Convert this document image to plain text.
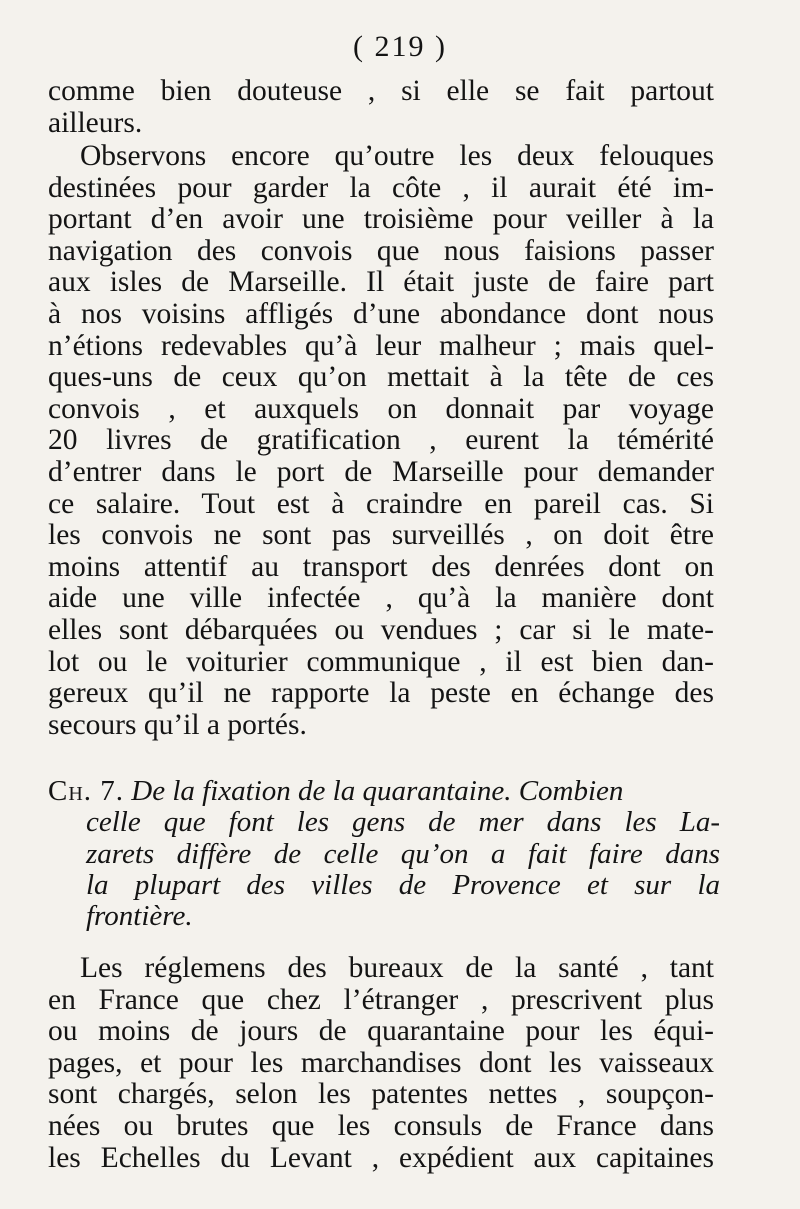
( 219 )
comme bien douteuse , si elle se fait partout
ailleurs.
Observons encore qu’outre les deux felouques
destinées pour garder la côte , il aurait été im-
portant d’en avoir une troisième pour veiller à la
navigation des convois que nous faisions passer
aux isles de Marseille. Il était juste de faire part
à nos voisins affligés d’une abondance dont nous
n’étions redevables qu’à leur malheur ; mais quel-
ques-uns de ceux qu’on mettait à la tête de ces
convois , et auxquels on donnait par voyage
20 livres de gratification , eurent la témérité
d’entrer dans le port de Marseille pour demander
ce salaire. Tout est à craindre en pareil cas. Si
les convois ne sont pas surveillés , on doit être
moins attentif au transport des denrées dont on
aide une ville infectée , qu’à la manière dont
elles sont débarquées ou vendues ; car si le mate-
lot ou le voiturier communique , il est bien dan-
gereux qu’il ne rapporte la peste en échange des
secours qu’il a portés.
Ch. 7. De la fixation de la quarantaine. Combien
celle que font les gens de mer dans les La-
zarets diffère de celle qu’on a fait faire dans
la plupart des villes de Provence et sur la
frontière.
Les réglemens des bureaux de la santé , tant
en France que chez l’étranger , prescrivent plus
ou moins de jours de quarantaine pour les équi-
pages, et pour les marchandises dont les vaisseaux
sont chargés, selon les patentes nettes , soupçon-
nées ou brutes que les consuls de France dans
les Echelles du Levant , expédient aux capitaines
